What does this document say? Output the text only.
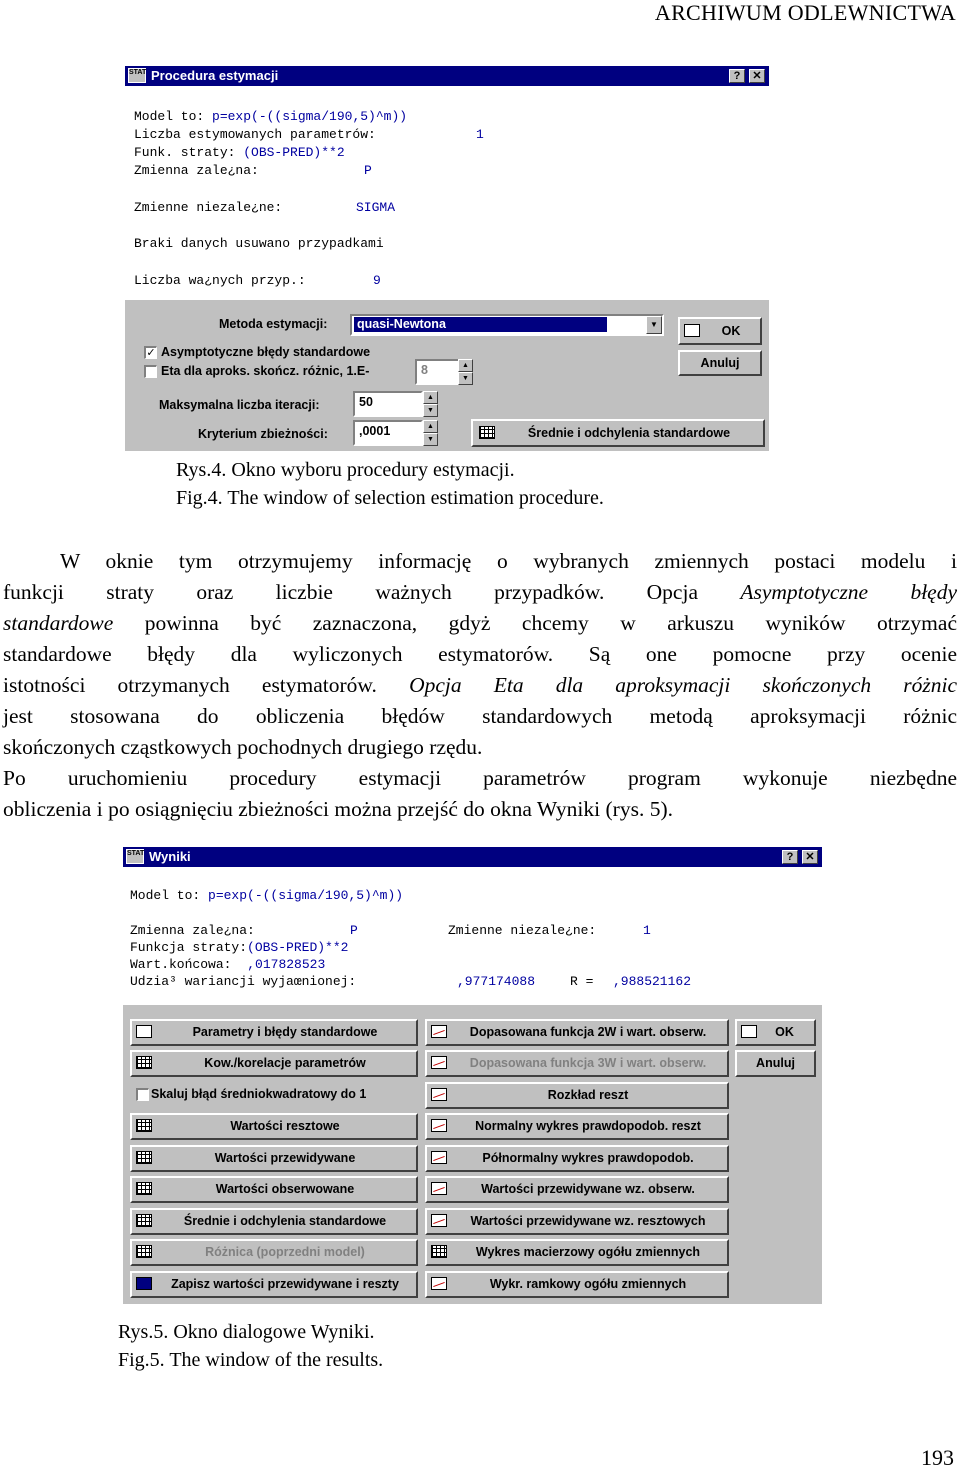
ARCHIWUM ODLEWNICTWA
STAT Procedura estymacji	?	✕
Model to: p=exp(-((sigma/190,5)^m))
Liczba estymowanych parametrów:	1
Funk. straty: (OBS-PRED)**2
Zmienna zale¿na:	P
Zmienne niezale¿ne:	SIGMA
Braki danych usuwano przypadkami
Liczba wa¿nych przyp.:	9
Metoda estymacji: quasi-Newtona	▼	OK
Anuluj
✓ Asymptotyczne błędy standardowe
Eta dla aproks. skończ. różnic, 1.E-	8	▲
▼
Maksymalna liczba iteracji:	50	▲
▼
Kryterium zbieżności:	,0001	▲
▼	Średnie i odchylenia standardowe
Rys.4. Okno wyboru procedury estymacji.
Fig.4. The window of selection estimation procedure.
W oknie tym otrzymujemy informację o wybranych zmiennych postaci modelu i
funkcji straty oraz liczbie ważnych przypadków. Opcja Asymptotyczne błędy
standardowe powinna być zaznaczona, gdyż chcemy w arkuszu wyników otrzymać
standardowe błędy dla wyliczonych estymatorów. Są one pomocne przy ocenie
istotności otrzymanych estymatorów. Opcja Eta dla aproksymacji skończonych różnic
jest stosowana do obliczenia błędów standardowych metodą aproksymacji różnic
skończonych cząstkowych pochodnych drugiego rzędu.
Po uruchomieniu procedury estymacji parametrów program wykonuje niezbędne
obliczenia i po osiągnięciu zbieżności można przejść do okna Wyniki (rys. 5).
STAT Wyniki	?	✕
Model to: p=exp(-((sigma/190,5)^m))
Zmienna zale¿na:	P	Zmienne niezale¿ne:	1
Funkcja straty:(OBS-PRED)**2
Wart.końcowa: ,017828523
Udzia³ wariancji wyjaœnionej:	,977174088	R = ,988521162
Parametry i błędy standardowe
Kow./korelacje parametrów
Skaluj błąd średniokwadratowy do 1
Wartości resztowe
Wartości przewidywane
Wartości obserwowane
Średnie i odchylenia standardowe
Różnica (poprzedni model)
Zapisz wartości przewidywane i reszty
Dopasowana funkcja 2W i wart. obserw.
Dopasowana funkcja 3W i wart. obserw.
Rozkład reszt
Normalny wykres prawdopodob. reszt
Półnormalny wykres prawdopodob.
Wartości przewidywane wz. obserw.
Wartości przewidywane wz. resztowych
Wykres macierzowy ogółu zmiennych
Wykr. ramkowy ogółu zmiennych
OK
Anuluj
Rys.5. Okno dialogowe Wyniki.
Fig.5. The window of the results.
193
